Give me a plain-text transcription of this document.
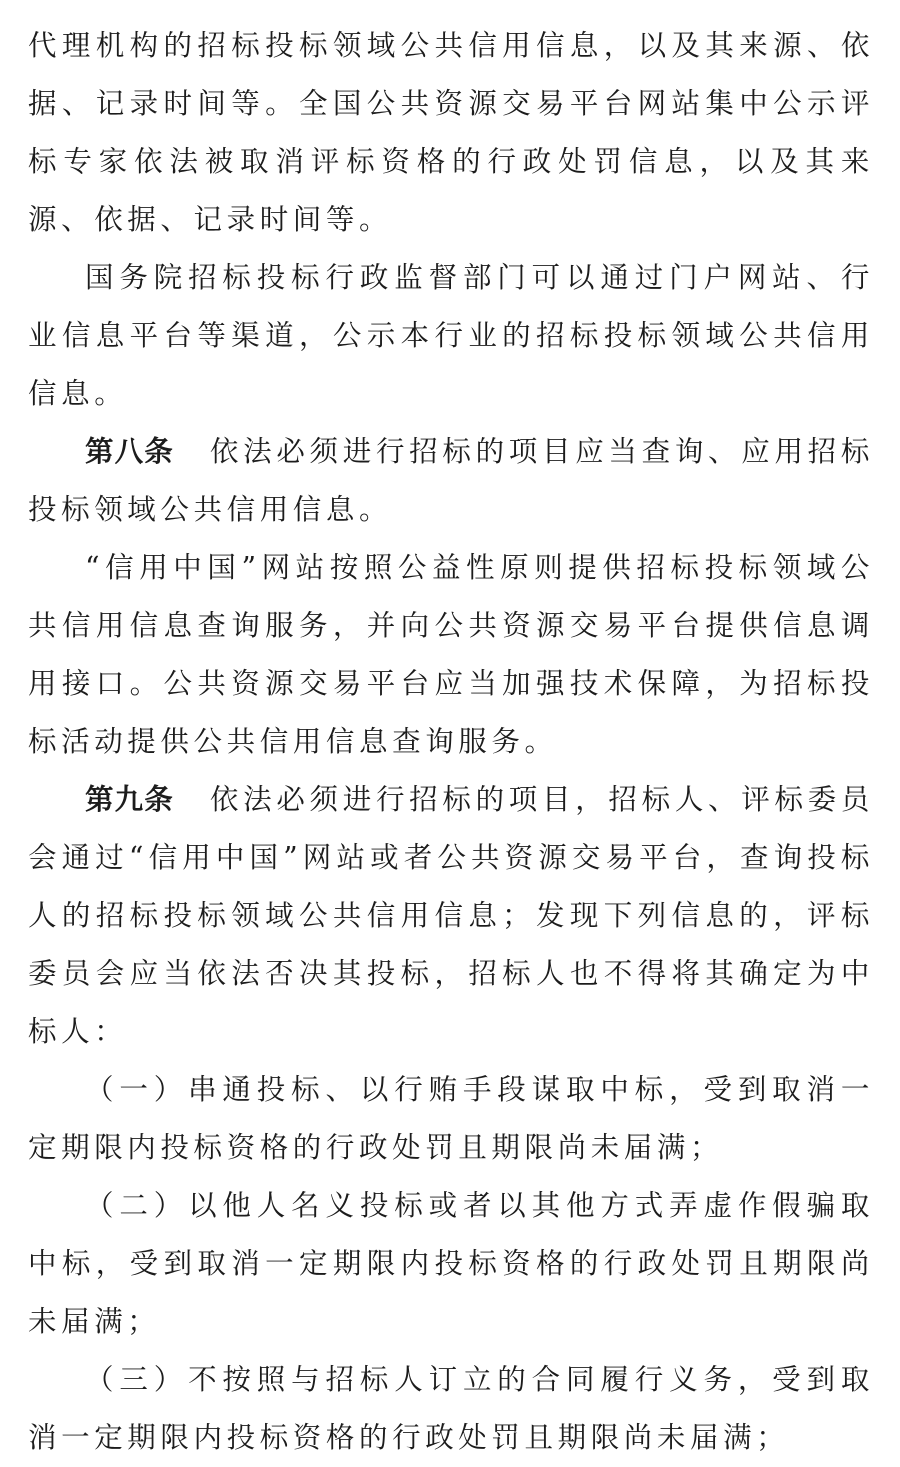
代理机构的招标投标领域公共信用信息，以及其来源、依据、记录时间等。全国公共资源交易平台网站集中公示评标专家依法被取消评标资格的行政处罚信息，以及其来源、依据、记录时间等。

国务院招标投标行政监督部门可以通过门户网站、行业信息平台等渠道，公示本行业的招标投标领域公共信用信息。

第八条 依法必须进行招标的项目应当查询、应用招标投标领域公共信用信息。

“信用中国”网站按照公益性原则提供招标投标领域公共信用信息查询服务，并向公共资源交易平台提供信息调用接口。公共资源交易平台应当加强技术保障，为招标投标活动提供公共信用信息查询服务。

第九条 依法必须进行招标的项目，招标人、评标委员会通过“信用中国”网站或者公共资源交易平台，查询投标人的招标投标领域公共信用信息；发现下列信息的，评标委员会应当依法否决其投标，招标人也不得将其确定为中标人：

（一）串通投标、以行贿手段谋取中标，受到取消一定期限内投标资格的行政处罚且期限尚未届满；

（二）以他人名义投标或者以其他方式弄虚作假骗取中标，受到取消一定期限内投标资格的行政处罚且期限尚未届满；

（三）不按照与招标人订立的合同履行义务，受到取消一定期限内投标资格的行政处罚且期限尚未届满；
